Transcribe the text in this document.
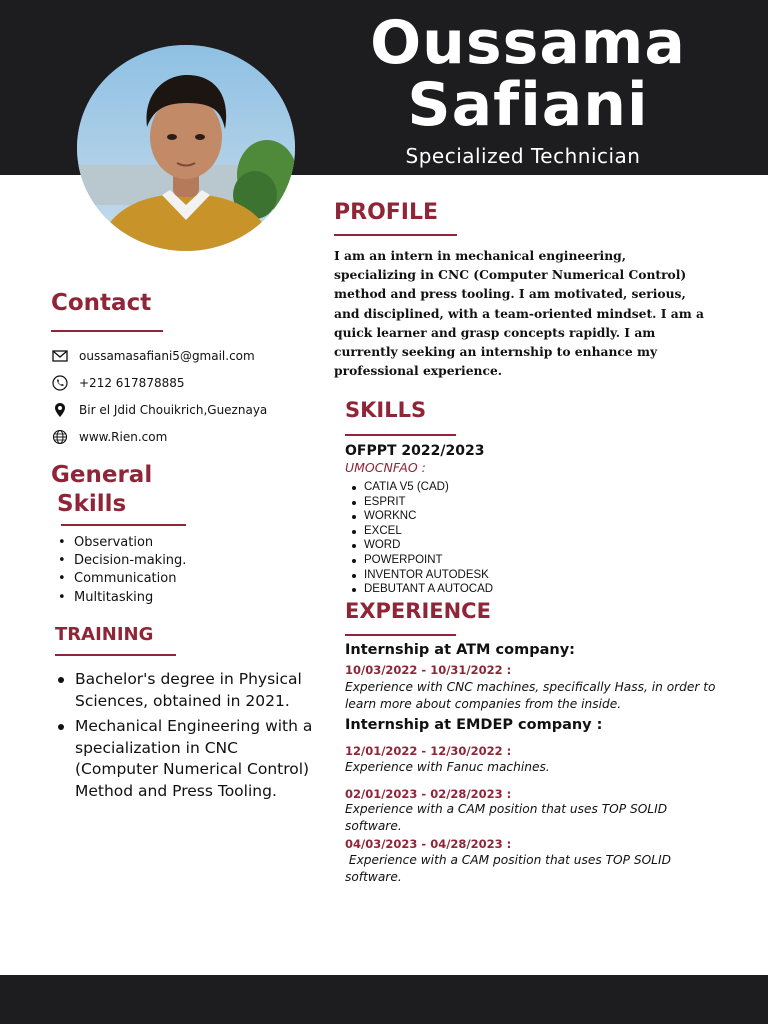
Oussama
Safiani
Specialized Technician
PROFILE
I am an intern in mechanical engineering, specializing in CNC (Computer Numerical Control) method and press tooling. I am motivated, serious, and disciplined, with a team-oriented mindset. I am a quick learner and grasp concepts rapidly. I am currently seeking an internship to enhance my professional experience.
Contact
oussamasafiani5@gmail.com
+212 617878885
Bir el Jdid Chouikrich,Gueznaya
www.Rien.com
General
Skills
• Observation
• Decision-making.
• Communication
• Multitasking
TRAINING
Bachelor's degree in Physical Sciences, obtained in 2021.
Mechanical Engineering with a specialization in CNC (Computer Numerical Control) Method and Press Tooling.
SKILLS
OFPPT 2022/2023
UMOCNFAO :
CATIA V5 (CAD)
ESPRIT
WORKNC
EXCEL
WORD
POWERPOINT
INVENTOR AUTODESK
DEBUTANT A AUTOCAD
EXPERIENCE
Internship at ATM company:
10/03/2022 - 10/31/2022 :
Experience with CNC machines, specifically Hass, in order to learn more about companies from the inside.
Internship at EMDEP company :
12/01/2022 - 12/30/2022 :
Experience with Fanuc machines.
02/01/2023 - 02/28/2023 :
Experience with a CAM position that uses TOP SOLID software.
04/03/2023 - 04/28/2023 :
Experience with a CAM position that uses TOP SOLID software.
